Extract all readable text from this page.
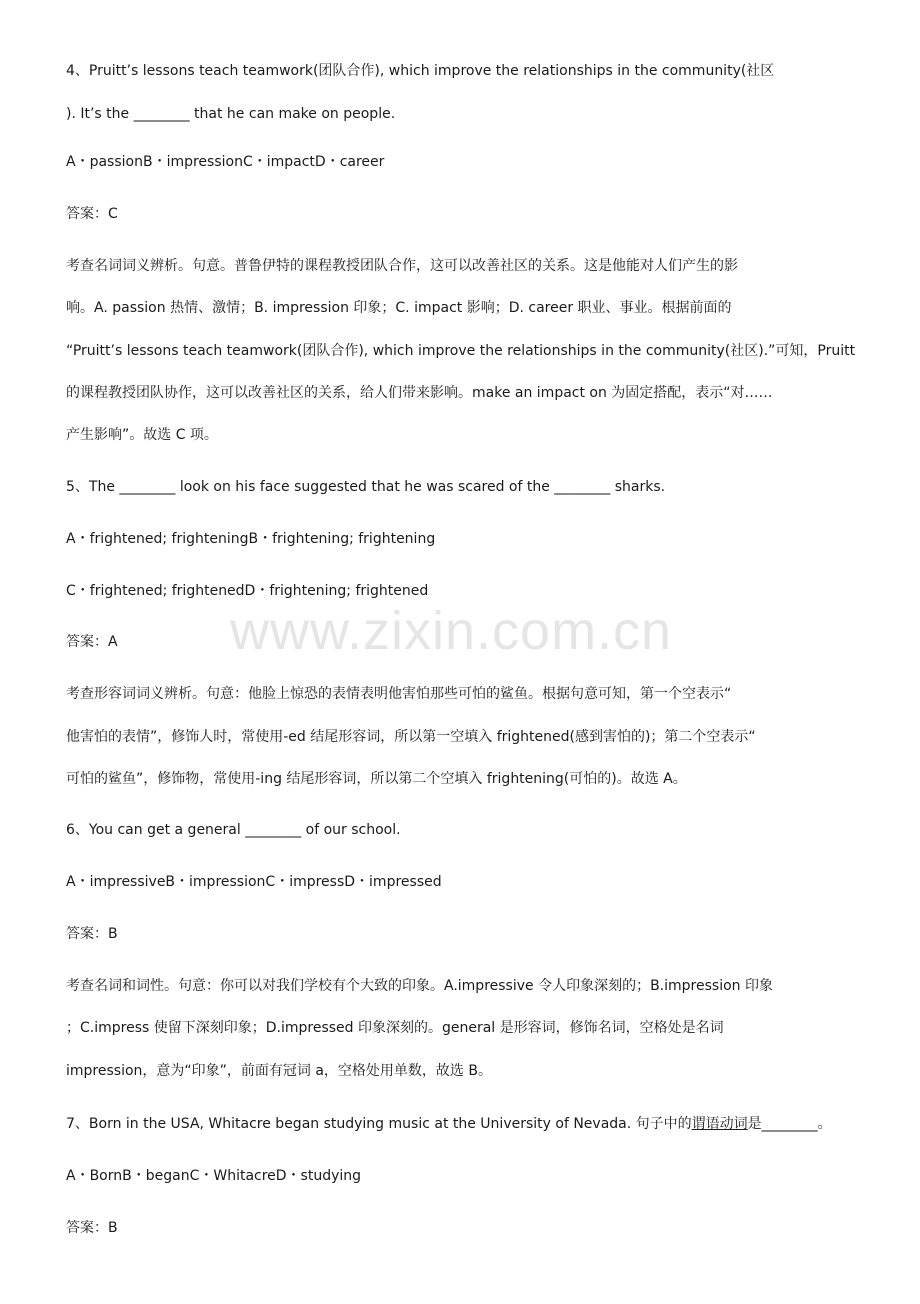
www.zixin.com.cn
4、Pruitt’s lessons teach teamwork(团队合作), which improve the relationships in the community(社区
). It’s the ________ that he can make on people.
A・passionB・impressionC・impactD・career
答案：C
考查名词词义辨析。句意。普鲁伊特的课程教授团队合作，这可以改善社区的关系。这是他能对人们产生的影
响。A. passion 热情、激情；B. impression 印象；C. impact 影响；D. career 职业、事业。根据前面的
“Pruitt’s lessons teach teamwork(团队合作), which improve the relationships in the community(社区).”可知，Pruitt
的课程教授团队协作，这可以改善社区的关系，给人们带来影响。make an impact on 为固定搭配，表示“对……
产生影响”。故选 C 项。
5、The ________ look on his face suggested that he was scared of the ________ sharks.
A・frightened; frighteningB・frightening; frightening
C・frightened; frightenedD・frightening; frightened
答案：A
考查形容词词义辨析。句意：他脸上惊恐的表情表明他害怕那些可怕的鲨鱼。根据句意可知，第一个空表示“
他害怕的表情”，修饰人时，常使用-ed 结尾形容词，所以第一空填入 frightened(感到害怕的)；第二个空表示“
可怕的鲨鱼”，修饰物，常使用-ing 结尾形容词，所以第二个空填入 frightening(可怕的)。故选 A。
6、You can get a general ________ of our school.
A・impressiveB・impressionC・impressD・impressed
答案：B
考查名词和词性。句意：你可以对我们学校有个大致的印象。A.impressive 令人印象深刻的；B.impression 印象
；C.impress 使留下深刻印象；D.impressed 印象深刻的。general 是形容词，修饰名词，空格处是名词
impression，意为“印象”，前面有冠词 a，空格处用单数，故选 B。
7、Born in the USA, Whitacre began studying music at the University of Nevada. 句子中的谓语动词是________。
A・BornB・beganC・WhitacreD・studying
答案：B
